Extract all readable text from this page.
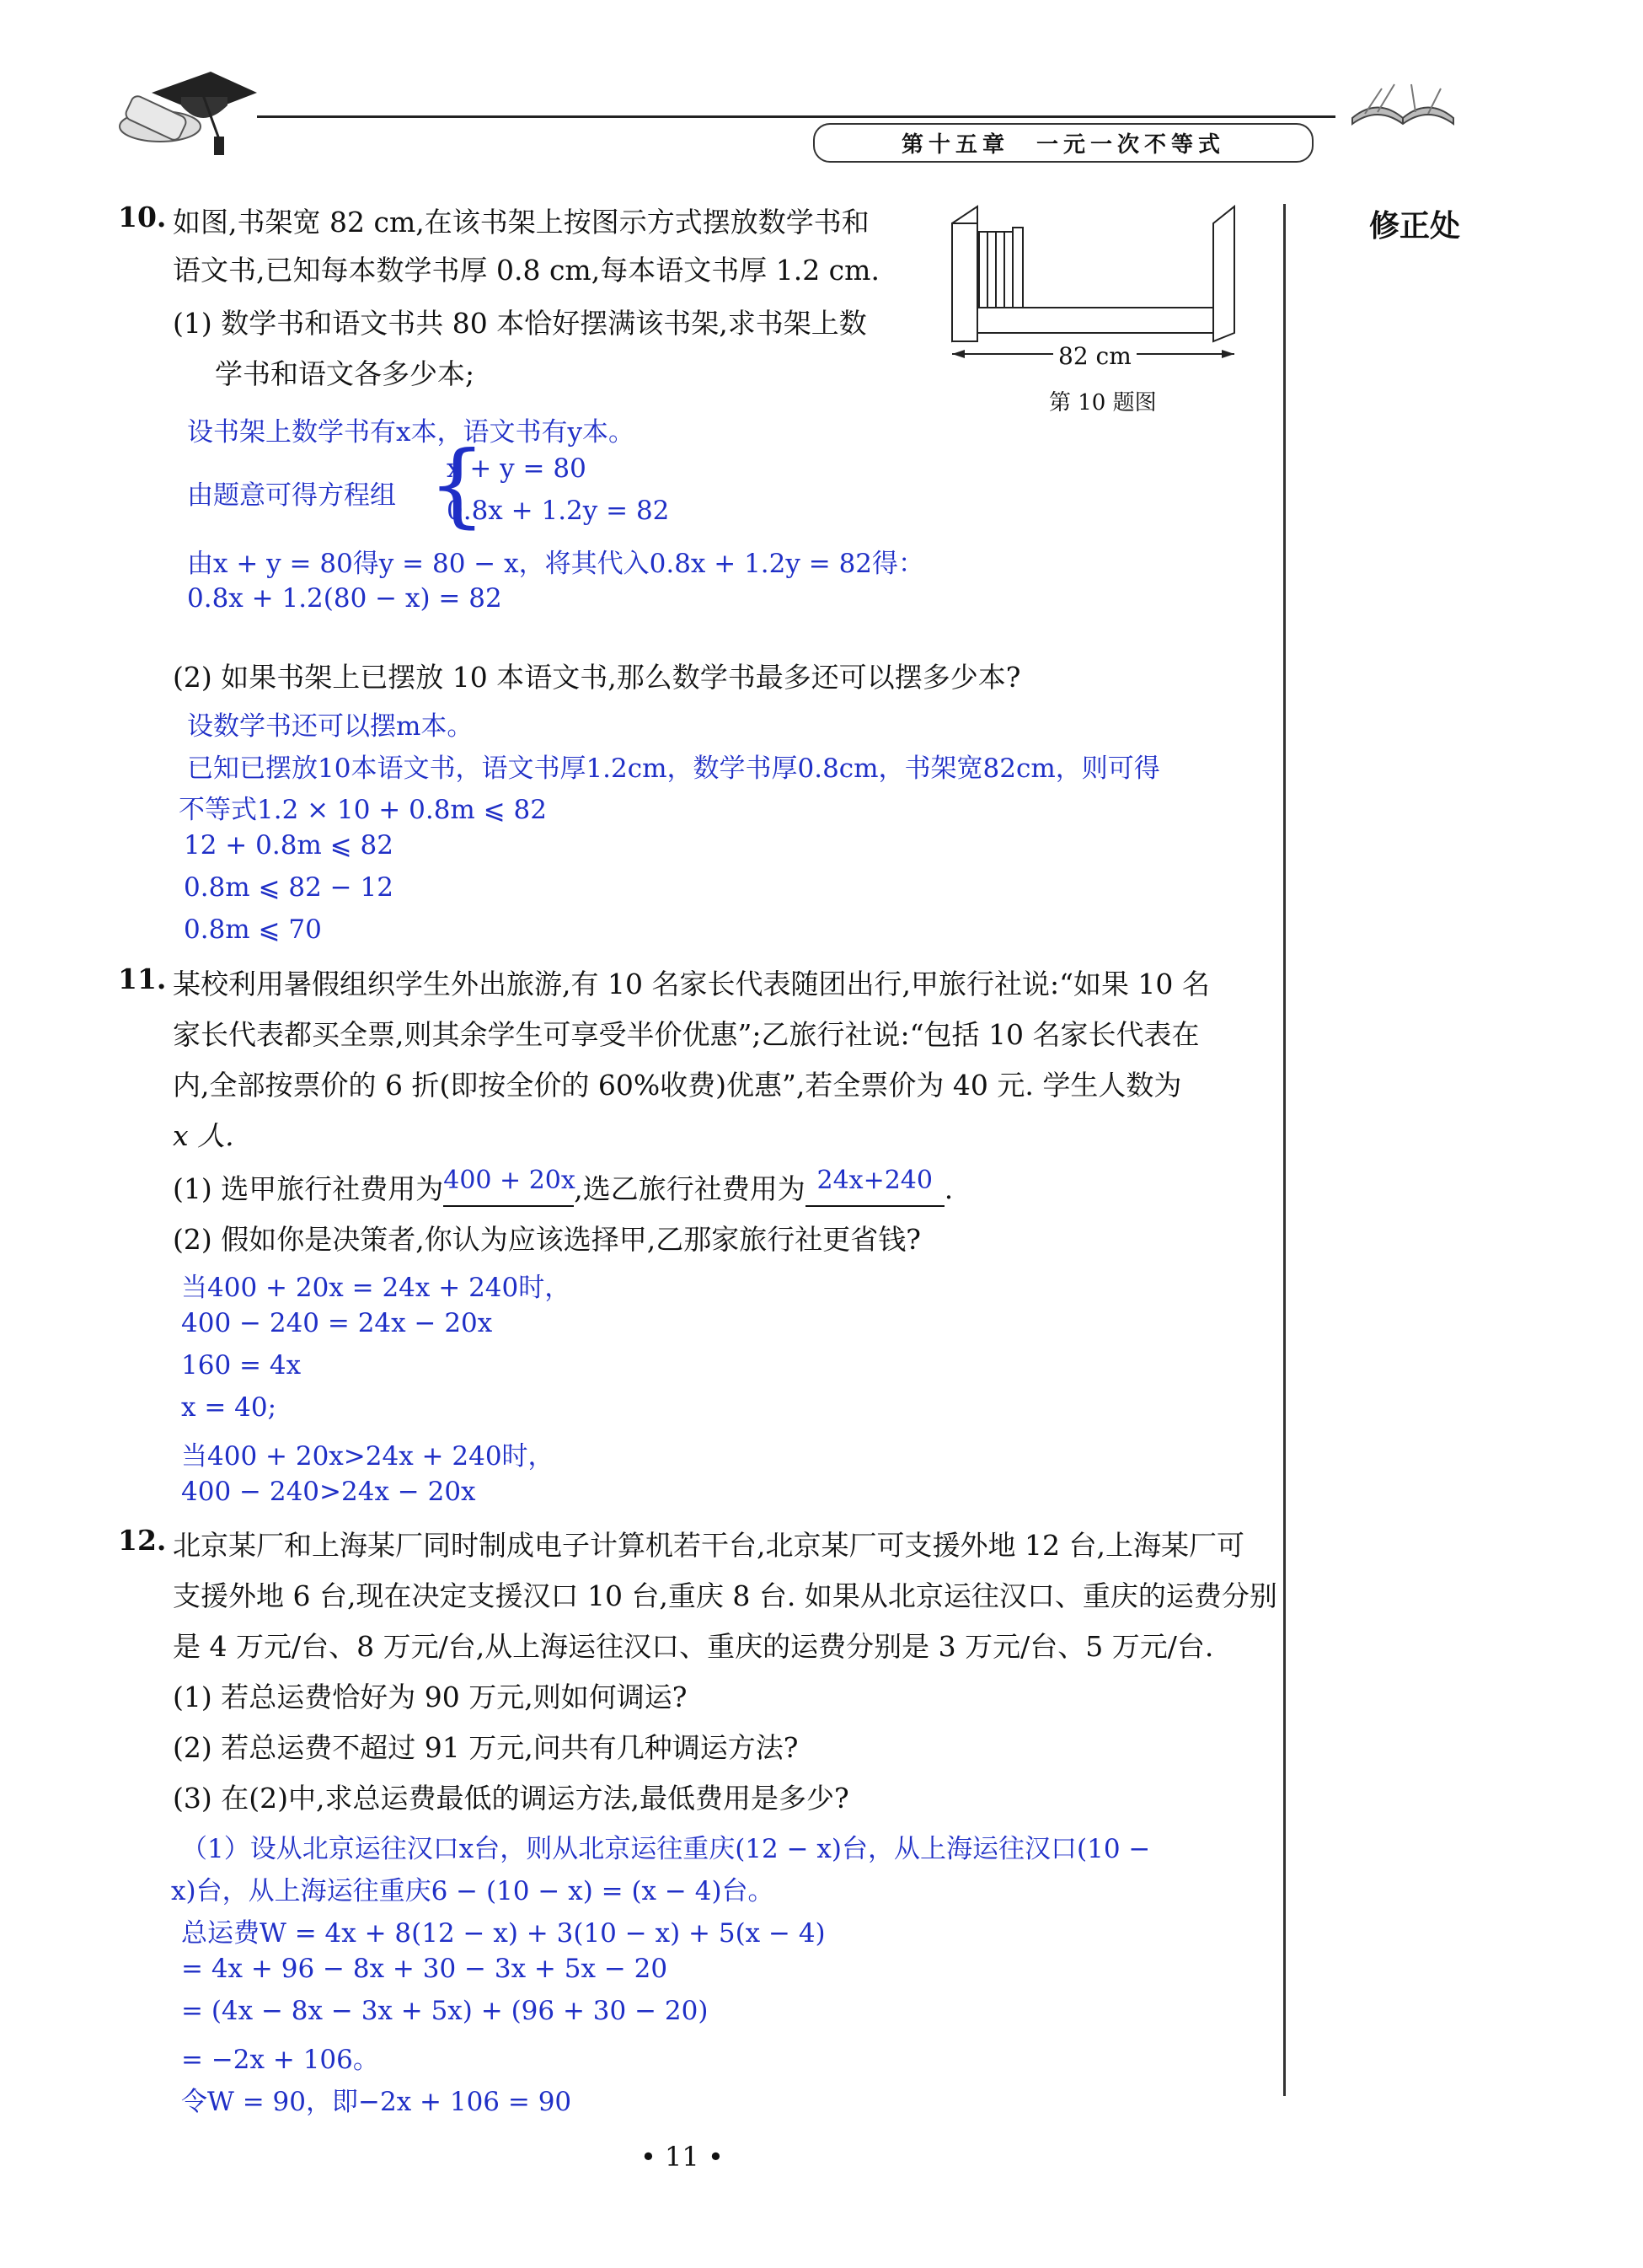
第十五章　一元一次不等式
修正处
10. 如图,书架宽 82 cm,在该书架上按图示方式摆放数学书和
语文书,已知每本数学书厚 0.8 cm,每本语文书厚 1.2 cm.
(1) 数学书和语文书共 80 本恰好摆满该书架,求书架上数
学书和语文各多少本;
82 cm
第 10 题图
设书架上数学书有x本，语文书有y本。
由题意可得方程组 {
x + y = 80
0.8x + 1.2y = 82
由x + y = 80得y = 80 − x，将其代入0.8x + 1.2y = 82得：
0.8x + 1.2(80 − x) = 82
(2) 如果书架上已摆放 10 本语文书,那么数学书最多还可以摆多少本?
设数学书还可以摆m本。
已知已摆放10本语文书，语文书厚1.2cm，数学书厚0.8cm，书架宽82cm，则可得
不等式1.2 × 10 + 0.8m ⩽ 82
12 + 0.8m ⩽ 82
0.8m ⩽ 82 − 12
0.8m ⩽ 70
11. 某校利用暑假组织学生外出旅游,有 10 名家长代表随团出行,甲旅行社说:“如果 10 名
家长代表都买全票,则其余学生可享受半价优惠”;乙旅行社说:“包括 10 名家长代表在
内,全部按票价的 6 折(即按全价的 60%收费)优惠”,若全票价为 40 元. 学生人数为
x 人.
(1) 选甲旅行社费用为400 + 20x,选乙旅行社费用为 24x+240 .
(2) 假如你是决策者,你认为应该选择甲,乙那家旅行社更省钱?
当400 + 20x = 24x + 240时，
400 − 240 = 24x − 20x
160 = 4x
x = 40;
当400 + 20x>24x + 240时，
400 − 240>24x − 20x
12. 北京某厂和上海某厂同时制成电子计算机若干台,北京某厂可支援外地 12 台,上海某厂可
支援外地 6 台,现在决定支援汉口 10 台,重庆 8 台. 如果从北京运往汉口、重庆的运费分别
是 4 万元/台、8 万元/台,从上海运往汉口、重庆的运费分别是 3 万元/台、5 万元/台.
(1) 若总运费恰好为 90 万元,则如何调运?
(2) 若总运费不超过 91 万元,问共有几种调运方法?
(3) 在(2)中,求总运费最低的调运方法,最低费用是多少?
（1）设从北京运往汉口x台，则从北京运往重庆(12 − x)台，从上海运往汉口(10 −
x)台，从上海运往重庆6 − (10 − x) = (x − 4)台。
总运费W = 4x + 8(12 − x) + 3(10 − x) + 5(x − 4)
= 4x + 96 − 8x + 30 − 3x + 5x − 20
= (4x − 8x − 3x + 5x) + (96 + 30 − 20)
= −2x + 106。
令W = 90，即−2x + 106 = 90
• 11 •
